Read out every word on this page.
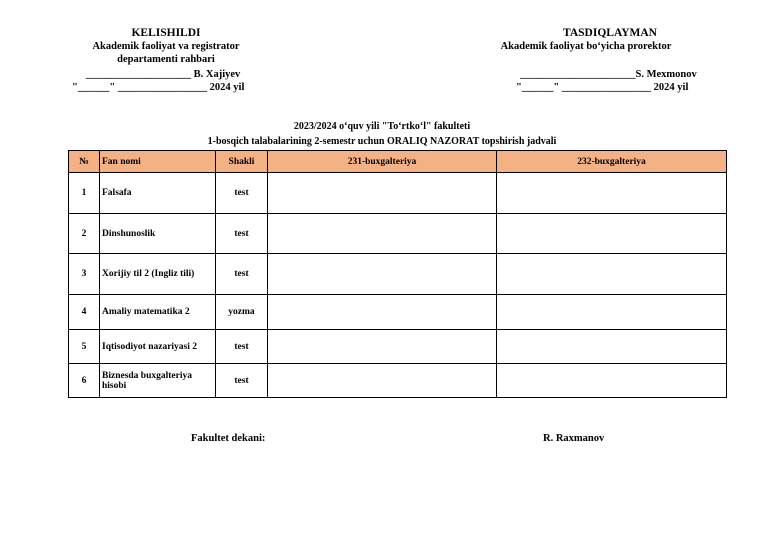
KELISHILDI
Akademik faoliyat va registrator
departamenti rahbari
____________________ B. Xajiyev
"______" _________________ 2024 yil
TASDIQLAYMAN
Akademik faoliyat bo‘yicha prorektor
______________________S. Mexmonov
"______" _________________ 2024 yil
2023/2024 o‘quv yili "To‘rtko‘l" fakulteti
1-bosqich talabalarining 2-semestr uchun ORALIQ NAZORAT topshirish jadvali
№	Fan nomi	Shakli	231-buxgalteriya	232-buxgalteriya
1	Falsafa	test		
2	Dinshunoslik	test		
3	Xorijiy til 2 (Ingliz tili)	test		
4	Amaliy matematika 2	yozma		
5	Iqtisodiyot nazariyasi 2	test		
6	Biznesda buxgalteriya hisobi	test		
Fakultet dekani:	R. Raxmanov
